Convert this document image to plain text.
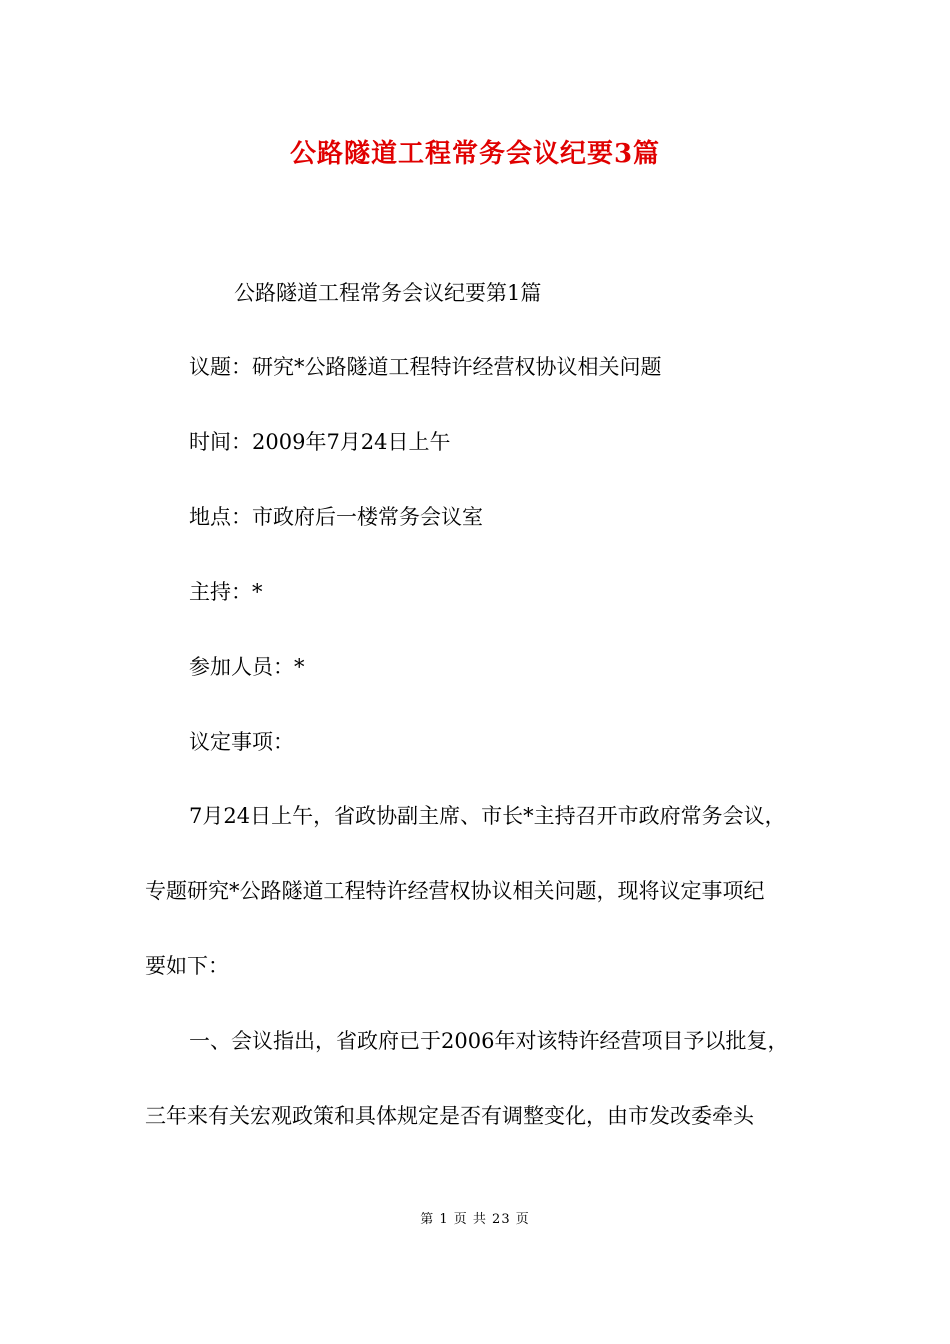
公路隧道工程常务会议纪要3篇
公路隧道工程常务会议纪要第1篇
议题：研究*公路隧道工程特许经营权协议相关问题
时间：2009年7月24日上午
地点：市政府后一楼常务会议室
主持：*
参加人员：*
议定事项：
7月24日上午，省政协副主席、市长*主持召开市政府常务会议，
专题研究*公路隧道工程特许经营权协议相关问题，现将议定事项纪
要如下：
一、会议指出，省政府已于2006年对该特许经营项目予以批复，
三年来有关宏观政策和具体规定是否有调整变化，由市发改委牵头
第 1 页 共 23 页
